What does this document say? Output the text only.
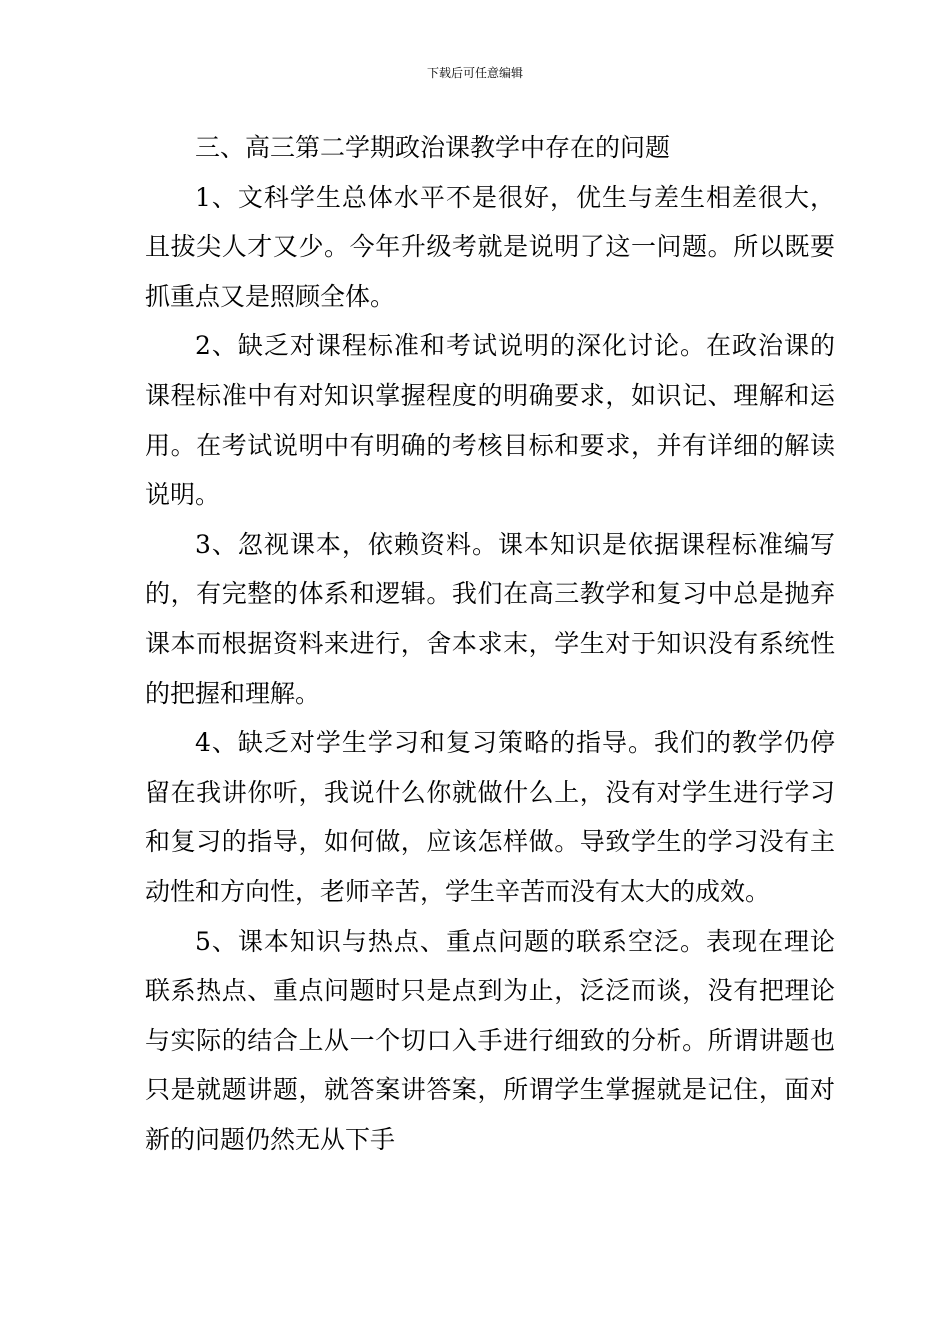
下载后可任意编辑

三、高三第二学期政治课教学中存在的问题

1、文科学生总体水平不是很好，优生与差生相差很大，且拔尖人才又少。今年升级考就是说明了这一问题。所以既要抓重点又是照顾全体。

2、缺乏对课程标准和考试说明的深化讨论。在政治课的课程标准中有对知识掌握程度的明确要求，如识记、理解和运用。在考试说明中有明确的考核目标和要求，并有详细的解读说明。

3、忽视课本，依赖资料。课本知识是依据课程标准编写的，有完整的体系和逻辑。我们在高三教学和复习中总是抛弃课本而根据资料来进行，舍本求末，学生对于知识没有系统性的把握和理解。

4、缺乏对学生学习和复习策略的指导。我们的教学仍停留在我讲你听，我说什么你就做什么上，没有对学生进行学习和复习的指导，如何做，应该怎样做。导致学生的学习没有主动性和方向性，老师辛苦，学生辛苦而没有太大的成效。

5、课本知识与热点、重点问题的联系空泛。表现在理论联系热点、重点问题时只是点到为止，泛泛而谈，没有把理论与实际的结合上从一个切口入手进行细致的分析。所谓讲题也只是就题讲题，就答案讲答案，所谓学生掌握就是记住，面对新的问题仍然无从下手
